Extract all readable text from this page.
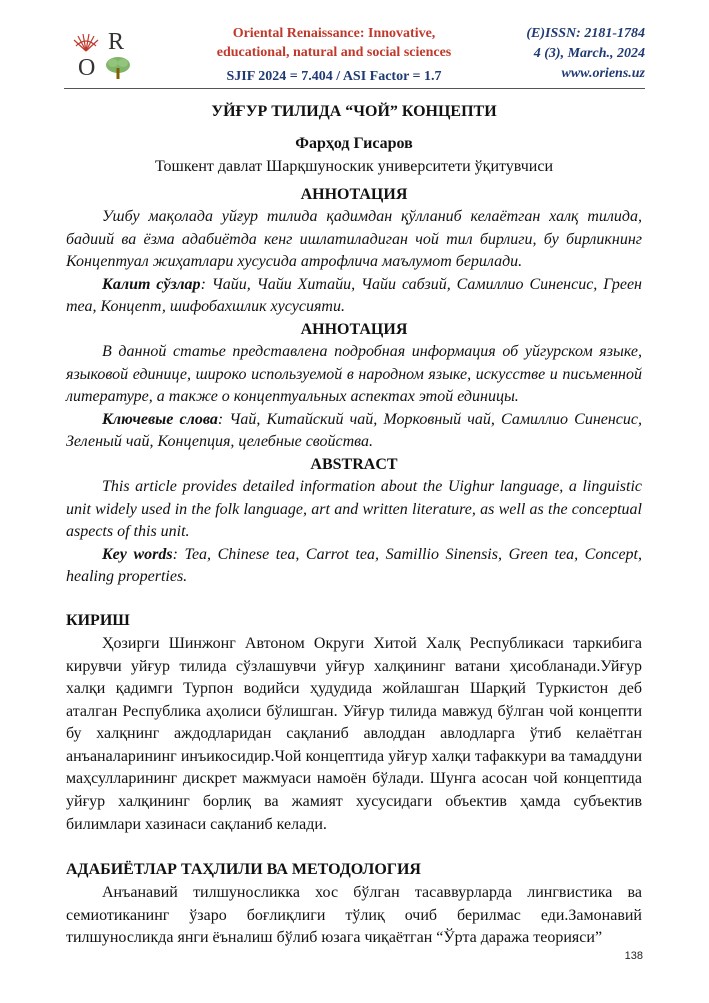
R
O
Oriental Renaissance: Innovative,
educational, natural and social sciences
SJIF 2024 = 7.404 / ASI Factor = 1.7
(E)ISSN: 2181-1784
4 (3), March., 2024
www.oriens.uz
УЙҒУР ТИЛИДА “ЧОЙ” КОНЦЕПТИ
Фарҳод Гисаров
Тошкент давлат Шарқшуноскик университети ўқитувчиси
АННОТАЦИЯ

Ушбу мақолада уйғур тилида қадимдан қўлланиб келаётган халқ тилида, бадиий ва ёзма адабиётда кенг ишлатиладиган чой тил бирлиги, бу бирликнинг Концептуал жиҳатлари хусусида атрофлича маълумот берилади.

Калит сўзлар: Чайи, Чайи Хитайи, Чайи сабзий, Самиллио Синенсис, Греен теа, Концепт, шифобахшлик хусусияти.

АННОТАЦИЯ

В данной статье представлена подробная информация об уйгурском языке, языковой единице, широко используемой в народном языке, искусстве и письменной литературе, а также о концептуальных аспектах этой единицы.

Ключевые слова: Чай, Китайский чай, Морковный чай, Самиллио Синенсис, Зеленый чай, Концепция, целебные свойства.

ABSTRACT

This article provides detailed information about the Uighur language, a linguistic unit widely used in the folk language, art and written literature, as well as the conceptual aspects of this unit.

Key words: Tea, Chinese tea, Carrot tea, Samillio Sinensis, Green tea, Concept, healing properties.

КИРИШ

Ҳозирги Шинжонг Автоном Округи Хитой Халқ Республикаси таркибига кирувчи уйғур тилида сўзлашувчи уйғур халқининг ватани ҳисобланади.Уйғур халқи қадимги Турпон водийси ҳудудида жойлашган Шарқий Туркистон деб аталган Республика аҳолиси бўлишган. Уйғур тилида мавжуд бўлган чой концепти бу халқнинг аждодларидан сақланиб авлоддан авлодларга ўтиб келаётган анъаналарининг инъикосидир.Чой концептида уйғур халқи тафаккури ва тамаддуни маҳсулларининг дискрет мажмуаси намоён бўлади. Шунга асосан чой концептида уйғур халқининг борлиқ ва жамият хусусидаги объектив ҳамда субъектив билимлари хазинаси сақланиб келади.

АДАБИЁТЛАР ТАҲЛИЛИ ВА МЕТОДОЛОГИЯ

Анъанавий тилшуносликка хос бўлган тасаввурларда лингвистика ва семиотиканинг ўзаро боғлиқлиги тўлиқ очиб берилмас еди.Замонавий тилшуносликда янги ёъналиш бўлиб юзага чиқаётган “Ўрта даража теорияси”

138
